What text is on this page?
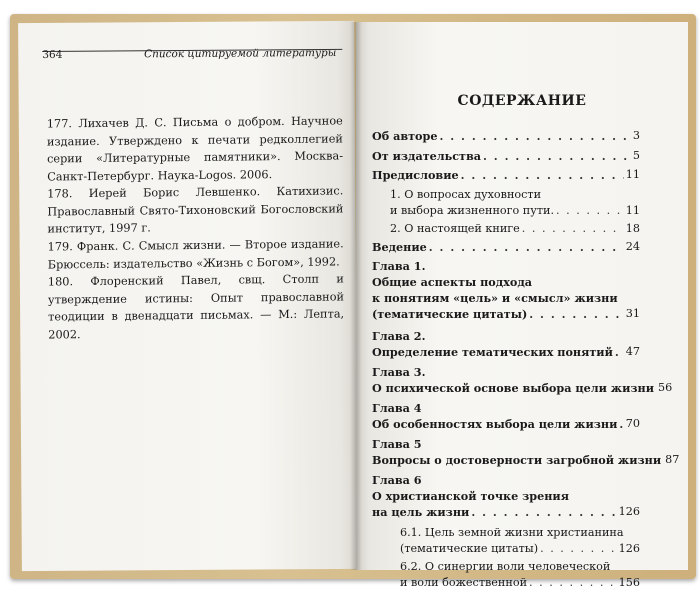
364	Список цитируемой литературы

177. Лихачев Д. С. Письма о добром. Научное издание. Утверждено к печати редколлегией серии «Литературные памятники». Москва-Санкт-Петербург. Наука-Logos. 2006.

178. Иерей Борис Левшенко. Катихизис. Православный Свято-Тихоновский Богословский институт, 1997 г.

179. Франк. С. Смысл жизни. — Второе издание. Брюссель: издательство «Жизнь с Богом», 1992.

180. Флоренский Павел, свщ. Столп и утверждение истины: Опыт православной теодиции в двенадцати письмах. — М.: Лепта, 2002.

СОДЕРЖАНИЕ
Об авторе . . .	3
От издательства . . .	5
Предисловие . . .	11
1. О вопросах духовности
и выбора жизненного пути. . . .	11
2. О настоящей книге . . .	18
Ведение . . .	24
Глава 1.
Общие аспекты подхода
к понятиям «цель» и «смысл» жизни
(тематические цитаты) . . .	31
Глава 2.
Определение тематических понятий . . . 47
Глава 3.
О психической основе выбора цели жизни 56
Глава 4
Об особенностях выбора цели жизни . . . 70
Глава 5
Вопросы о достоверности загробной жизни 87
Глава 6
О христианской точке зрения
на цель жизни . . .	126
6.1. Цель земной жизни христианина
(тематические цитаты) . . .	126
6.2. О синергии воли человеческой
и воли божественной . . .	156
